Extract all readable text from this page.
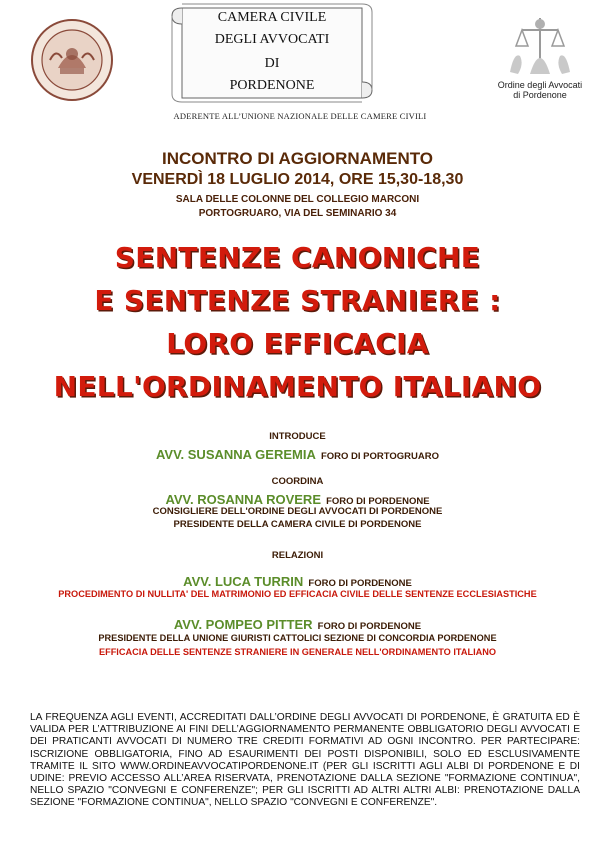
CAMERA CIVILE
DEGLI AVVOCATI
DI
PORDENONE
ADERENTE ALL’UNIONE NAZIONALE DELLE CAMERE CIVILI
Ordine degli Avvocati
di Pordenone
INCONTRO DI AGGIORNAMENTO
VENERDÌ 18 LUGLIO 2014, ORE 15,30-18,30
SALA DELLE COLONNE DEL COLLEGIO MARCONI
PORTOGRUARO, VIA DEL SEMINARIO 34
SENTENZE CANONICHE
E SENTENZE STRANIERE :
LORO EFFICACIA
NELL'ORDINAMENTO ITALIANO
INTRODUCE
AVV. SUSANNA GEREMIA FORO DI PORTOGRUARO
COORDINA
AVV. ROSANNA ROVERE FORO DI PORDENONE
CONSIGLIERE DELL'ORDINE DEGLI AVVOCATI DI PORDENONE
PRESIDENTE DELLA CAMERA CIVILE DI PORDENONE
RELAZIONI
AVV. LUCA TURRIN FORO DI PORDENONE
PROCEDIMENTO DI NULLITA' DEL MATRIMONIO ED EFFICACIA CIVILE DELLE SENTENZE ECCLESIASTICHE
AVV. POMPEO PITTER FORO DI PORDENONE
PRESIDENTE DELLA UNIONE GIURISTI CATTOLICI SEZIONE DI CONCORDIA PORDENONE
EFFICACIA DELLE SENTENZE STRANIERE IN GENERALE NELL'ORDINAMENTO ITALIANO
LA FREQUENZA AGLI EVENTI, ACCREDITATI DALL’ORDINE DEGLI AVVOCATI DI PORDENONE, È GRATUITA ED È VALIDA PER L’ATTRIBUZIONE AI FINI DELL’AGGIORNAMENTO PERMANENTE OBBLIGATORIO DEGLI AVVOCATI E DEI PRATICANTI AVVOCATI DI NUMERO TRE CREDITI FORMATIVI AD OGNI INCONTRO. PER PARTECIPARE: ISCRIZIONE OBBLIGATORIA, FINO AD ESAURIMENTI DEI POSTI DISPONIBILI, SOLO ED ESCLUSIVAMENTE TRAMITE IL SITO WWW.ORDINEAVVOCATIPORDENONE.IT (PER GLI ISCRITTI AGLI ALBI DI PORDENONE E DI UDINE: PREVIO ACCESSO ALL’AREA RISERVATA, PRENOTAZIONE DALLA SEZIONE "FORMAZIONE CONTINUA", NELLO SPAZIO "CONVEGNI E CONFERENZE"; PER GLI ISCRITTI AD ALTRI ALTRI ALBI: PRENOTAZIONE DALLA SEZIONE "FORMAZIONE CONTINUA", NELLO SPAZIO "CONVEGNI E CONFERENZE".
